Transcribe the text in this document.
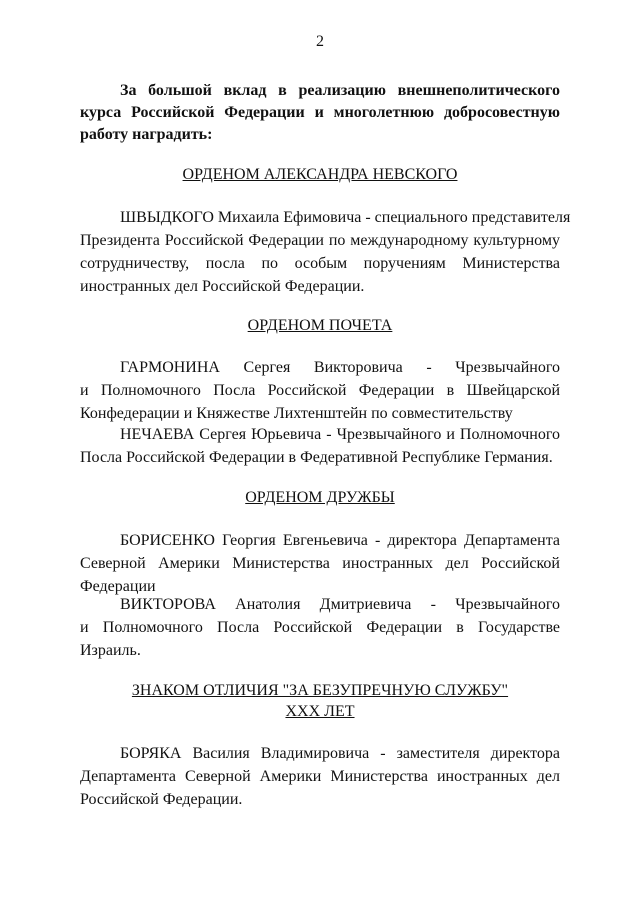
2
За большой вклад в реализацию внешнеполитического
курса Российской Федерации и многолетнюю добросовестную
работу наградить:
ОРДЕНОМ АЛЕКСАНДРА НЕВСКОГО
ШВЫДКОГО Михаила Ефимовича - специального представителя
Президента Российской Федерации по международному культурному
сотрудничеству, посла по особым поручениям Министерства
иностранных дел Российской Федерации.
ОРДЕНОМ ПОЧЕТА
ГАРМОНИНА Сергея Викторовича - Чрезвычайного
и Полномочного Посла Российской Федерации в Швейцарской
Конфедерации и Княжестве Лихтенштейн по совместительству
НЕЧАЕВА Сергея Юрьевича - Чрезвычайного и Полномочного
Посла Российской Федерации в Федеративной Республике Германия.
ОРДЕНОМ ДРУЖБЫ
БОРИСЕНКО Георгия Евгеньевича - директора Департамента
Северной Америки Министерства иностранных дел Российской
Федерации
ВИКТОРОВА Анатолия Дмитриевича - Чрезвычайного
и Полномочного Посла Российской Федерации в Государстве
Израиль.
ЗНАКОМ ОТЛИЧИЯ "ЗА БЕЗУПРЕЧНУЮ СЛУЖБУ"
XXX ЛЕТ
БОРЯКА Василия Владимировича - заместителя директора
Департамента Северной Америки Министерства иностранных дел
Российской Федерации.
